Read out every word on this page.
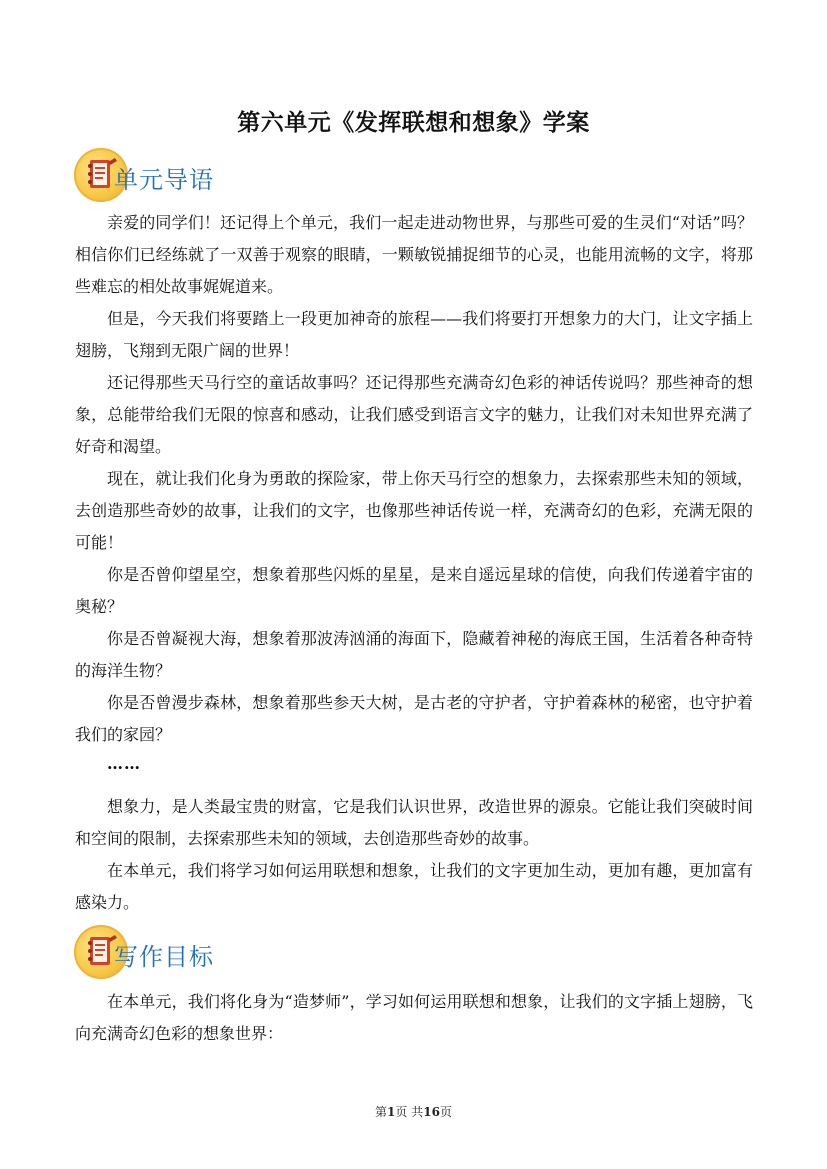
第六单元《发挥联想和想象》学案
单元导语

亲爱的同学们！还记得上个单元，我们一起走进动物世界，与那些可爱的生灵们“对话”吗？相信你们已经练就了一双善于观察的眼睛，一颗敏锐捕捉细节的心灵，也能用流畅的文字，将那些难忘的相处故事娓娓道来。

但是，今天我们将要踏上一段更加神奇的旅程——我们将要打开想象力的大门，让文字插上翅膀，飞翔到无限广阔的世界！

还记得那些天马行空的童话故事吗？还记得那些充满奇幻色彩的神话传说吗？那些神奇的想象，总能带给我们无限的惊喜和感动，让我们感受到语言文字的魅力，让我们对未知世界充满了好奇和渴望。

现在，就让我们化身为勇敢的探险家，带上你天马行空的想象力，去探索那些未知的领域，去创造那些奇妙的故事，让我们的文字，也像那些神话传说一样，充满奇幻的色彩，充满无限的可能！

你是否曾仰望星空，想象着那些闪烁的星星，是来自遥远星球的信使，向我们传递着宇宙的奥秘？

你是否曾凝视大海，想象着那波涛汹涌的海面下，隐藏着神秘的海底王国，生活着各种奇特的海洋生物？

你是否曾漫步森林，想象着那些参天大树，是古老的守护者，守护着森林的秘密，也守护着我们的家园？

……

想象力，是人类最宝贵的财富，它是我们认识世界，改造世界的源泉。它能让我们突破时间和空间的限制，去探索那些未知的领域，去创造那些奇妙的故事。

在本单元，我们将学习如何运用联想和想象，让我们的文字更加生动，更加有趣，更加富有感染力。

写作目标

在本单元，我们将化身为“造梦师”，学习如何运用联想和想象，让我们的文字插上翅膀，飞向充满奇幻色彩的想象世界：

第1页 共16页
